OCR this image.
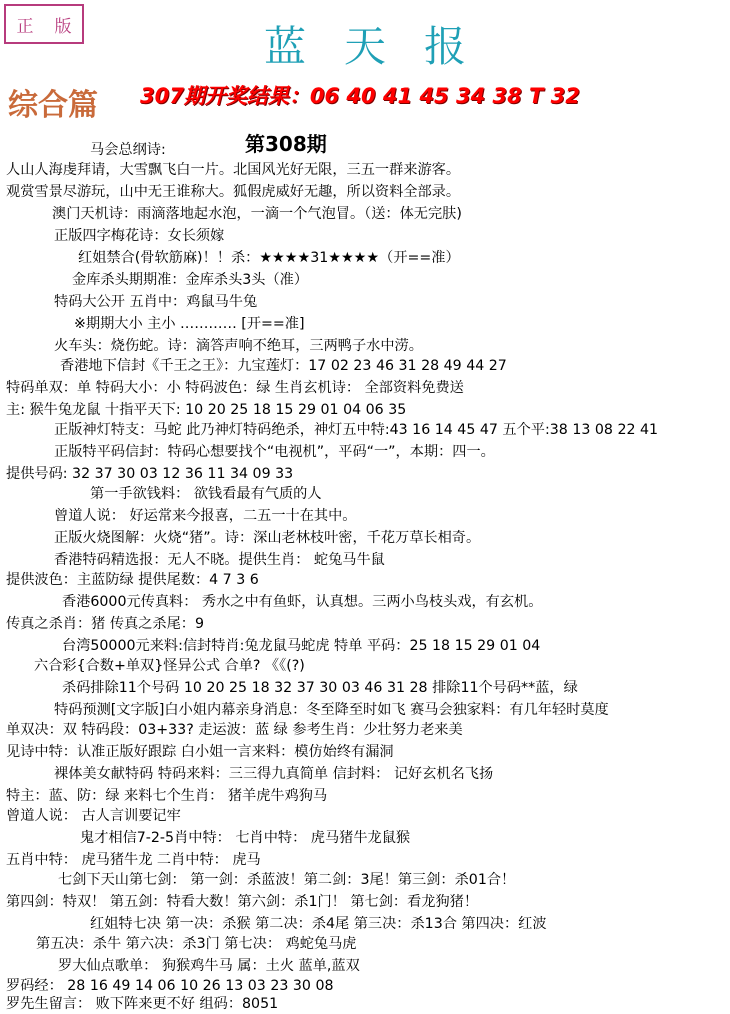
正 版	蓝天报
综合篇 307期开奖结果：06 40 41 45 34 38 T 32
马会总纲诗:	第308期
人山人海虔拜请，大雪飘飞白一片。北国风光好无限，三五一群来游客。
观赏雪景尽游玩，山中无王谁称大。狐假虎威好无趣，所以资料全部录。
澳门天机诗：雨滴落地起水泡，一滴一个气泡冒。（送：体无完肤)
正版四字梅花诗：女长须嫁
红姐禁合(骨软筋麻)！！杀：★★★★31★★★★（开==准）
金库杀头期期准：金库杀头3头（准）
特码大公开 五肖中：鸡鼠马牛兔
※期期大小 主小 ………… [开==准]
火车头：烧伤蛇。诗：滴答声响不绝耳，三两鸭子水中涝。
香港地下信封《千王之王》：九宝莲灯：17 02 23 46 31 28 49 44 27
特码单双：单 特码大小：小 特码波色：绿 生肖玄机诗： 全部资料免费送
主: 猴牛兔龙鼠 十指平天下: 10 20 25 18 15 29 01 04 06 35
正版神灯特支：马蛇 此乃神灯特码绝杀，神灯五中特:43 16 14 45 47 五个平:38 13 08 22 41
正版特平码信封：特码心想要找个“电视机”，平码“一”，本期：四一。
提供号码: 32 37 30 03 12 36 11 34 09 33
第一手欲钱料： 欲钱看最有气质的人
曾道人说： 好运常来今报喜，二五一十在其中。
正版火烧图解：火烧“猪”。诗：深山老林枝叶密，千花万草长相奇。
香港特码精选报：无人不晓。提供生肖： 蛇兔马牛鼠
提供波色：主蓝防绿 提供尾数：4 7 3 6
香港6000元传真料： 秀水之中有鱼虾，认真想。三两小鸟枝头戏，有玄机。
传真之杀肖：猪 传真之杀尾：9
台湾50000元来料:信封特肖:兔龙鼠马蛇虎 特单 平码：25 18 15 29 01 04
六合彩{合数+单双}怪异公式 合单? 《《(?)
杀码排除11个号码 10 20 25 18 32 37 30 03 46 31 28 排除11个号码**蓝，绿
特码预测[文字版]白小姐内幕亲身消息：冬至降至时如飞 赛马会独家料：有几年轻时莫度
单双决：双 特码段：03+33? 走运波：蓝 绿 参考生肖：少壮努力老来美
见诗中特：认准正版好跟踪 白小姐一言来料：模仿始终有漏洞
裸体美女献特码 特码来料：三三得九真简单 信封料： 记好玄机名飞扬
特主：蓝、防：绿 来料七个生肖： 猪羊虎牛鸡狗马
曾道人说： 古人言训要记牢
鬼才相信7-2-5肖中特： 七肖中特： 虎马猪牛龙鼠猴
五肖中特： 虎马猪牛龙 二肖中特： 虎马
七剑下天山第七剑： 第一剑：杀蓝波！第二剑：3尾！第三剑：杀01合！
第四剑：特双！ 第五剑：特看大数！第六剑：杀1门！ 第七剑：看龙狗猪！
红姐特七决 第一决：杀猴 第二决：杀4尾 第三决：杀13合 第四决：红波
第五决：杀牛 第六决：杀3门 第七决： 鸡蛇兔马虎
罗大仙点歌单： 狗猴鸡牛马 属：土火 蓝单,蓝双
罗码经： 28 16 49 14 06 10 26 13 03 23 30 08
罗先生留言： 败下阵来更不好 组码：8051
